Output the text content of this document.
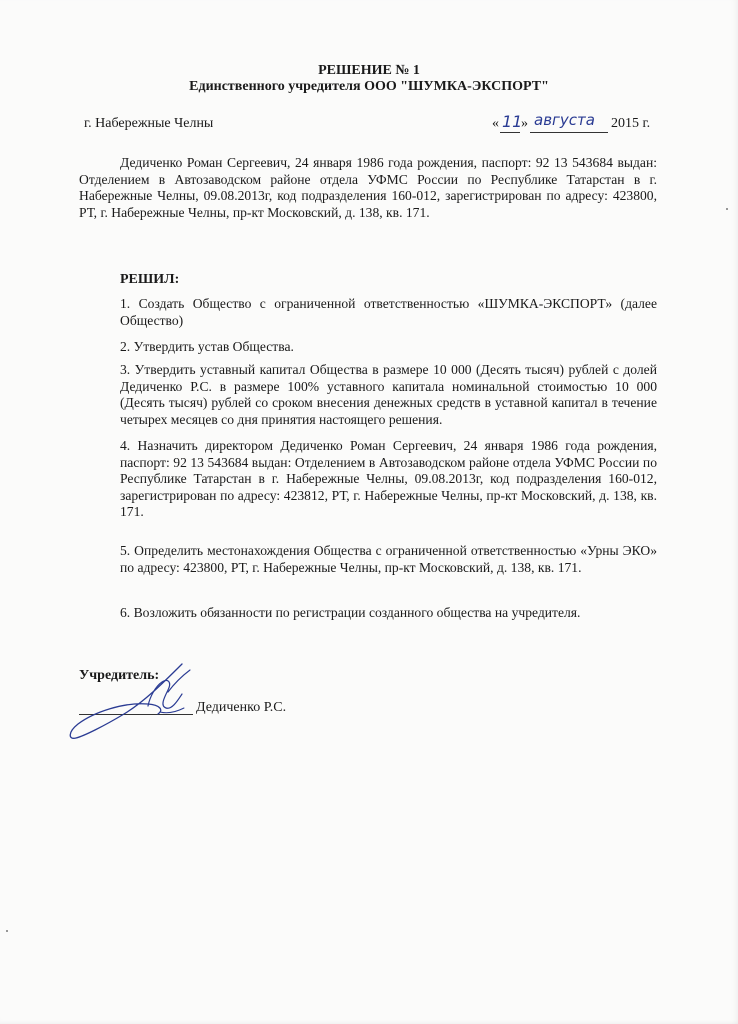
РЕШЕНИЕ № 1
Единственного учредителя ООО "ШУМКА-ЭКСПОРТ"
г. Набережные Челны	« 11
» августа 2015 г.
Дедиченко Роман Сергеевич, 24 января 1986 года рождения, паспорт: 92 13 543684 выдан: Отделением в Автозаводском районе отдела УФМС России по Республике Татарстан в г. Набережные Челны, 09.08.2013г, код подразделения 160-012, зарегистрирован по адресу: 423800, РТ, г. Набережные Челны, пр-кт Московский, д. 138, кв. 171.
РЕШИЛ:
1. Создать Общество с ограниченной ответственностью «ШУМКА-ЭКСПОРТ» (далее Общество)
2. Утвердить устав Общества.
3. Утвердить уставный капитал Общества в размере 10 000 (Десять тысяч) рублей с долей Дедиченко Р.С. в размере 100% уставного капитала номинальной стоимостью 10 000 (Десять тысяч) рублей со сроком внесения денежных средств в уставной капитал в течение четырех месяцев со дня принятия настоящего решения.
4. Назначить директором Дедиченко Роман Сергеевич, 24 января 1986 года рождения, паспорт: 92 13 543684 выдан: Отделением в Автозаводском районе отдела УФМС России по Республике Татарстан в г. Набережные Челны, 09.08.2013г, код подразделения 160-012, зарегистрирован по адресу: 423812, РТ, г. Набережные Челны, пр-кт Московский, д. 138, кв. 171.
5. Определить местонахождения Общества с ограниченной ответственностью «Урны ЭКО» по адресу: 423800, РТ, г. Набережные Челны, пр-кт Московский, д. 138, кв. 171.
6. Возложить обязанности по регистрации созданного общества на учредителя.
Учредитель:
Дедиченко Р.С.
